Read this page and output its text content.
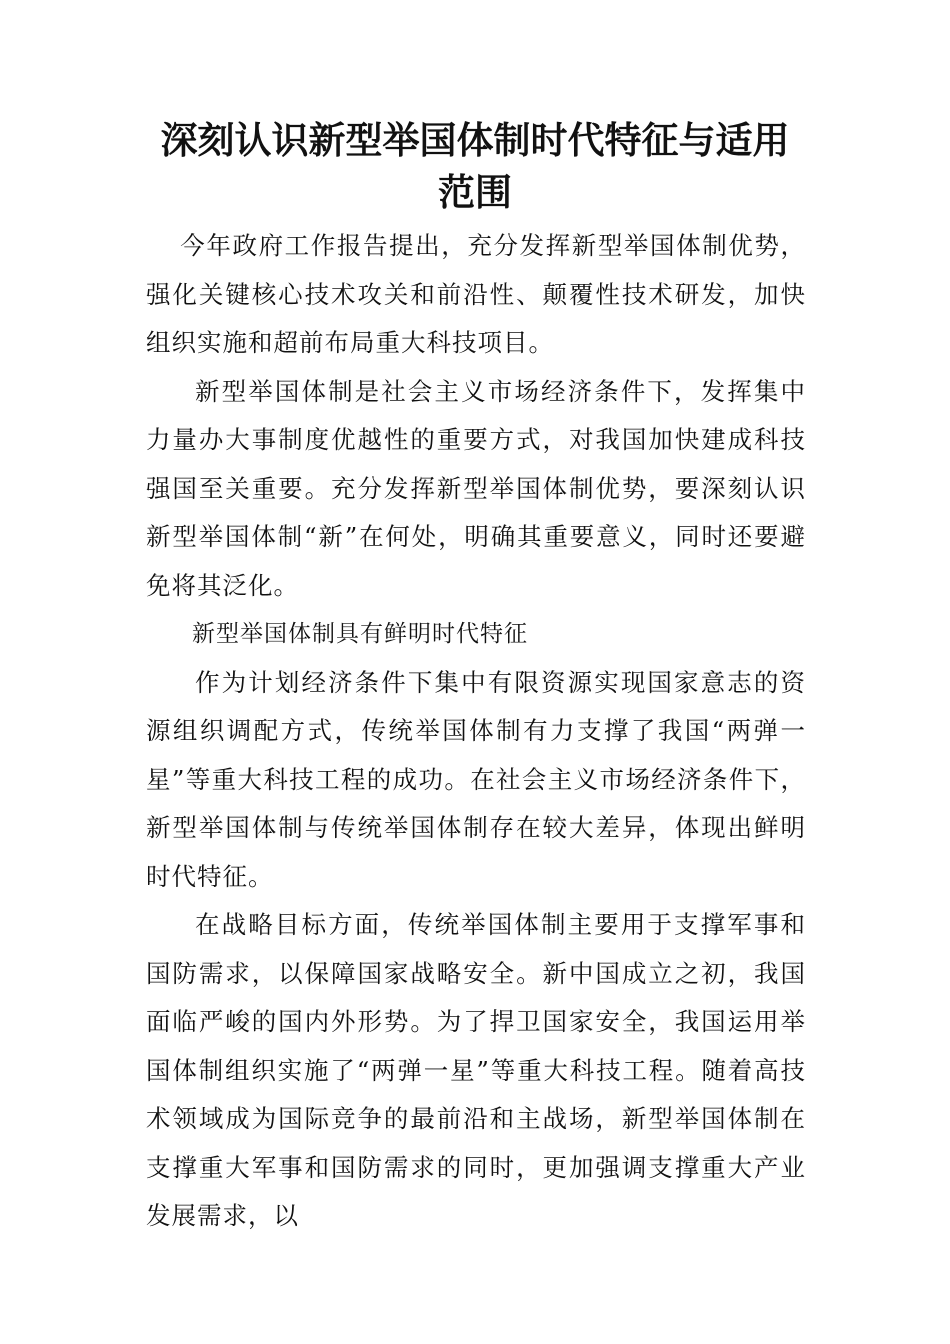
深刻认识新型举国体制时代特征与适用范围

今年政府工作报告提出，充分发挥新型举国体制优势，强化关键核心技术攻关和前沿性、颠覆性技术研发，加快组织实施和超前布局重大科技项目。

新型举国体制是社会主义市场经济条件下，发挥集中力量办大事制度优越性的重要方式，对我国加快建成科技强国至关重要。充分发挥新型举国体制优势，要深刻认识新型举国体制“新”在何处，明确其重要意义，同时还要避免将其泛化。

新型举国体制具有鲜明时代特征

作为计划经济条件下集中有限资源实现国家意志的资源组织调配方式，传统举国体制有力支撑了我国“两弹一星”等重大科技工程的成功。在社会主义市场经济条件下，新型举国体制与传统举国体制存在较大差异，体现出鲜明时代特征。

在战略目标方面，传统举国体制主要用于支撑军事和国防需求，以保障国家战略安全。新中国成立之初，我国面临严峻的国内外形势。为了捍卫国家安全，我国运用举国体制组织实施了“两弹一星”等重大科技工程。随着高技术领域成为国际竞争的最前沿和主战场，新型举国体制在支撑重大军事和国防需求的同时，更加强调支撑重大产业发展需求，以
